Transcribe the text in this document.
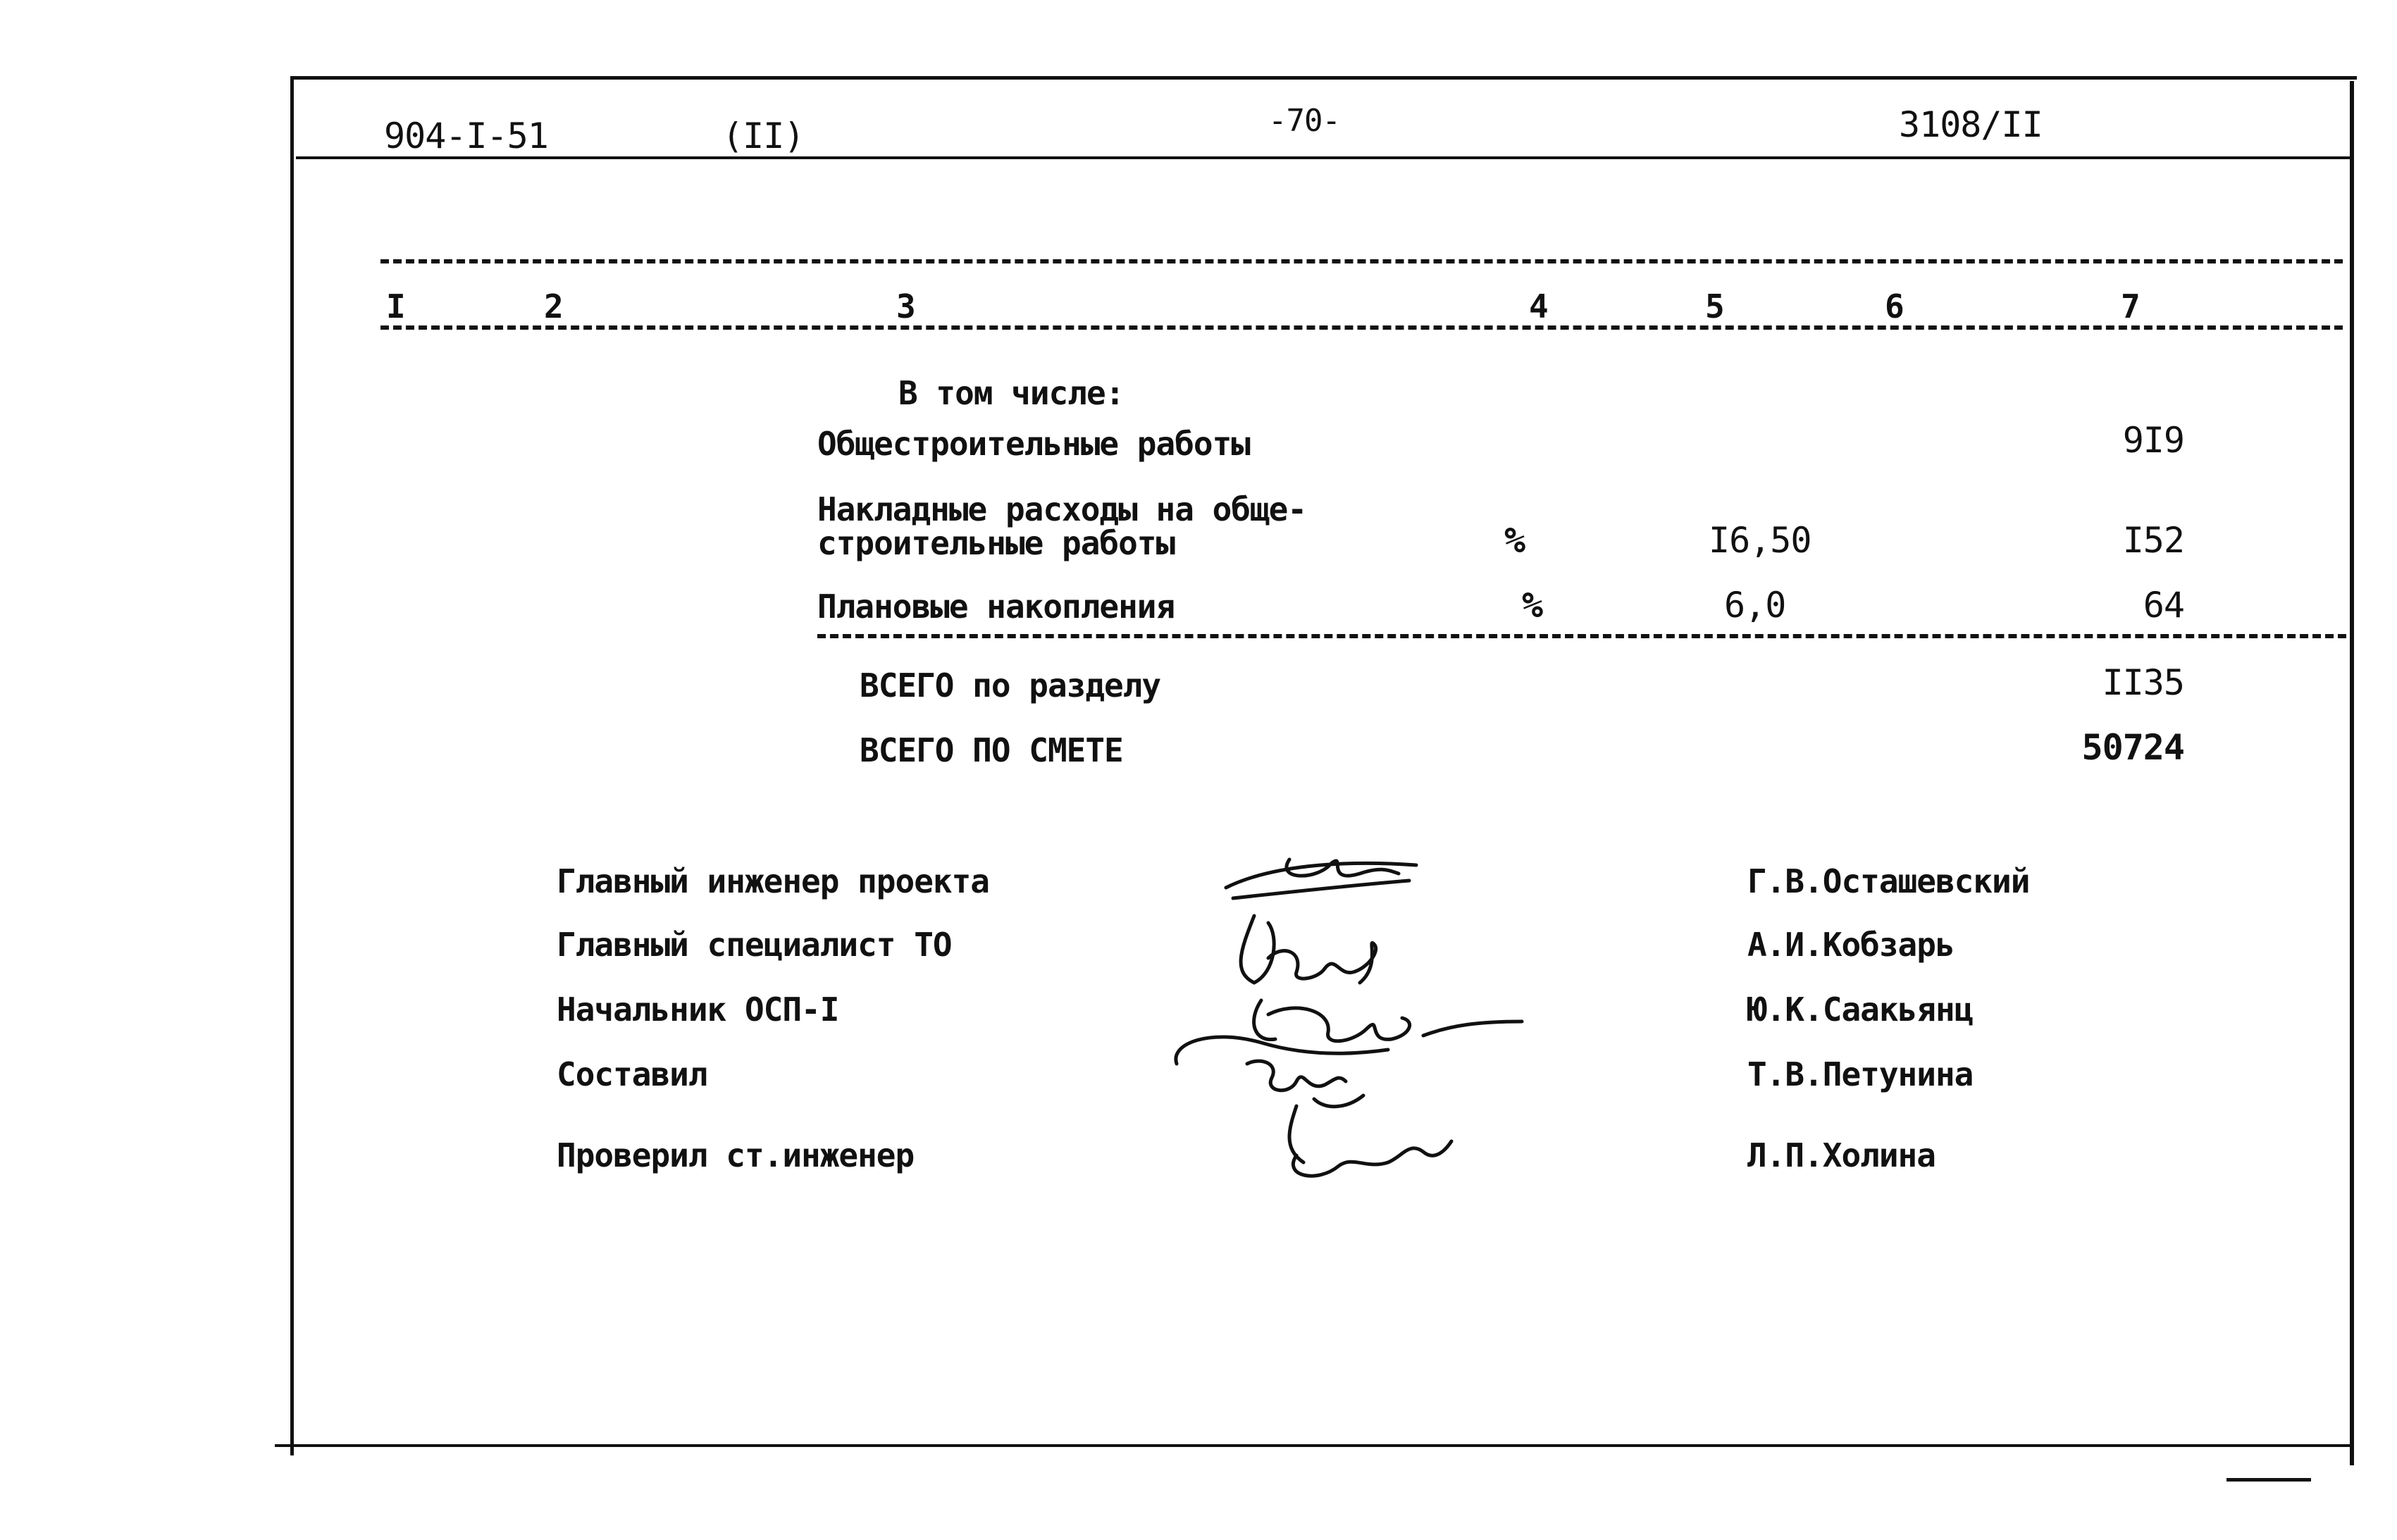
904-I-51	(II)	-70-	3108/II
I	2	3	4	5	6	7
В том числе:
Общестроительные работы	9I9
Накладные расходы на обще-
строительные работы	%	I6,50	I52
Плановые накопления	%	6,0	64
ВСЕГО по разделу	II35
ВСЕГО ПО СМЕТЕ	50724
Главный инженер проекта	Г.В.Осташевский
Главный специалист ТО	А.И.Кобзарь
Начальник ОСП-I	Ю.К.Саакьянц
Составил	Т.В.Петунина
Проверил ст.инженер	Л.П.Холина
